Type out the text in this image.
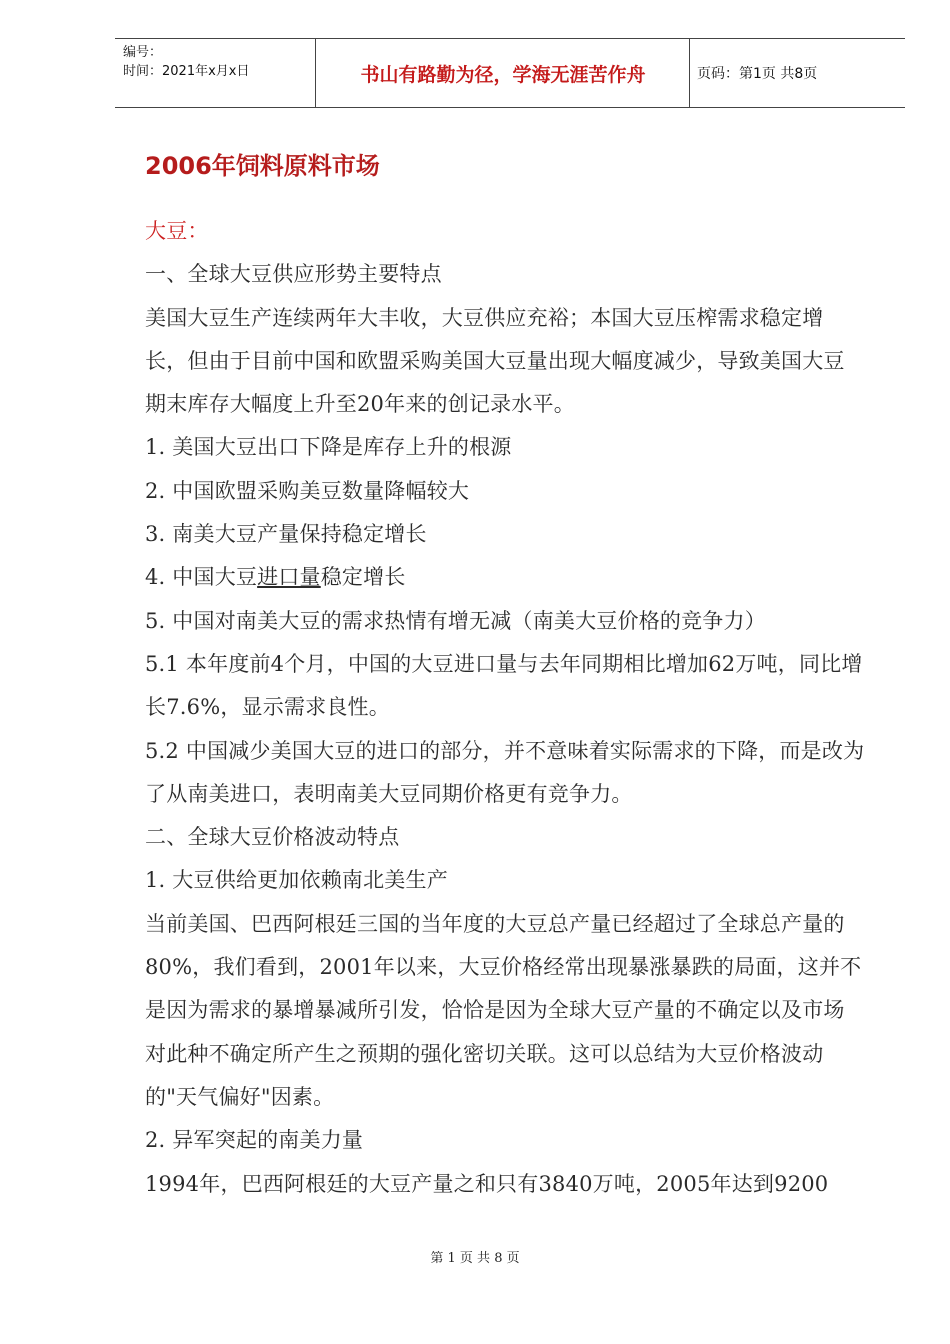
编号：
时间：2021年x月x日	书山有路勤为径，学海无涯苦作舟	页码：第1页 共8页
2006年饲料原料市场

大豆：

一、全球大豆供应形势主要特点

美国大豆生产连续两年大丰收，大豆供应充裕；本国大豆压榨需求稳定增长，但由于目前中国和欧盟采购美国大豆量出现大幅度减少，导致美国大豆期末库存大幅度上升至20年来的创记录水平。

1. 美国大豆出口下降是库存上升的根源

2. 中国欧盟采购美豆数量降幅较大

3. 南美大豆产量保持稳定增长

4. 中国大豆进口量稳定增长

5. 中国对南美大豆的需求热情有增无减（南美大豆价格的竞争力）

5.1 本年度前4个月，中国的大豆进口量与去年同期相比增加62万吨，同比增长7.6%，显示需求良性。

5.2 中国减少美国大豆的进口的部分，并不意味着实际需求的下降，而是改为了从南美进口，表明南美大豆同期价格更有竞争力。

二、全球大豆价格波动特点

1. 大豆供给更加依赖南北美生产

当前美国、巴西阿根廷三国的当年度的大豆总产量已经超过了全球总产量的80%，我们看到，2001年以来，大豆价格经常出现暴涨暴跌的局面，这并不是因为需求的暴增暴减所引发，恰恰是因为全球大豆产量的不确定以及市场对此种不确定所产生之预期的强化密切关联。这可以总结为大豆价格波动的"天气偏好"因素。

2. 异军突起的南美力量

1994年，巴西阿根廷的大豆产量之和只有3840万吨，2005年达到9200

第 1 页 共 8 页
